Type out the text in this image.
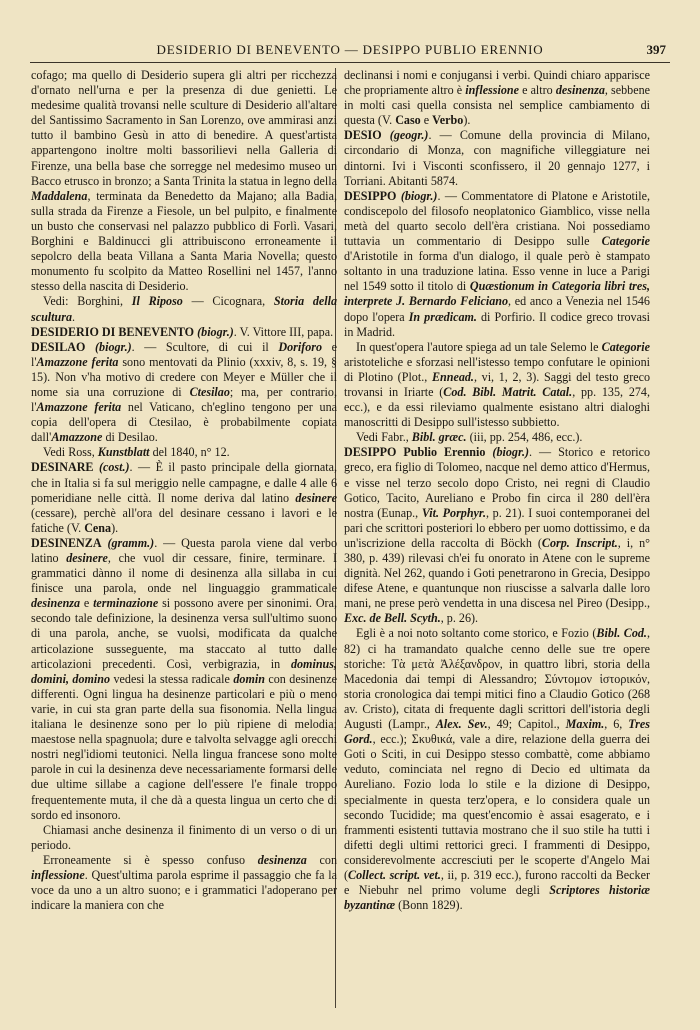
DESIDERIO DI BENEVENTO — DESIPPO PUBLIO ERENNIO	397

cofago; ma quello di Desiderio supera gli altri per ricchezza d'ornato nell'urna e per la presenza di due genietti. Le medesime qualità trovansi nelle sculture di Desiderio all'altare del Santissimo Sacramento in San Lorenzo, ove ammirasi anzi tutto il bambino Gesù in atto di benedire. A quest'artista appartengono inoltre molti bassorilievi nella Galleria di Firenze, una bella base che sorregge nel medesimo museo un Bacco etrusco in bronzo; a Santa Trinita la statua in legno della Maddalena, terminata da Benedetto da Majano; alla Badia, sulla strada da Firenze a Fiesole, un bel pulpito, e finalmente un busto che conservasi nel palazzo pubblico di Forlì. Vasari, Borghini e Baldinucci gli attribuiscono erroneamente il sepolcro della beata Villana a Santa Maria Novella; questo monumento fu scolpito da Matteo Rosellini nel 1457, l'anno stesso della nascita di Desiderio.

Vedi: Borghini, Il Riposo — Cicognara, Storia della scultura.

DESIDERIO DI BENEVENTO (biogr.). V. Vittore III, papa.

DESILAO (biogr.). — Scultore, di cui il Doriforo e l'Amazzone ferita sono mentovati da Plinio (xxxiv, 8, s. 19, § 15). Non v'ha motivo di credere con Meyer e Müller che il nome sia una corruzione di Ctesilao; ma, per contrario, l'Amazzone ferita nel Vaticano, ch'eglino tengono per una copia dell'opera di Ctesilao, è probabilmente copiata dall'Amazzone di Desilao.

Vedi Ross, Kunstblatt del 1840, n° 12.

DESINARE (cost.). — È il pasto principale della giornata, che in Italia si fa sul meriggio nelle campagne, e dalle 4 alle 6 pomeridiane nelle città. Il nome deriva dal latino desinere (cessare), perchè all'ora del desinare cessano i lavori e le fatiche (V. Cena).

DESINENZA (gramm.). — Questa parola viene dal verbo latino desinere, che vuol dir cessare, finire, terminare. I grammatici dànno il nome di desinenza alla sillaba in cui finisce una parola, onde nel linguaggio grammaticale desinenza e terminazione si possono avere per sinonimi. Ora, secondo tale definizione, la desinenza versa sull'ultimo suono di una parola, anche, se vuolsi, modificata da qualche articolazione susseguente, ma staccato al tutto dalle articolazioni precedenti. Così, verbigrazia, in dominus, domini, domino vedesi la stessa radicale domin con desinenze differenti. Ogni lingua ha desinenze particolari e più o meno varie, in cui sta gran parte della sua fisonomia. Nella lingua italiana le desinenze sono per lo più ripiene di melodia; maestose nella spagnuola; dure e talvolta selvagge agli orecchi nostri negl'idiomi teutonici. Nella lingua francese sono molte parole in cui la desinenza deve necessariamente formarsi delle due ultime sillabe a cagione dell'essere l'e finale troppo frequentemente muta, il che dà a questa lingua un certo che di sordo ed insonoro.

Chiamasi anche desinenza il finimento di un verso o di un periodo.

Erroneamente si è spesso confuso desinenza con inflessione. Quest'ultima parola esprime il passaggio che fa la voce da uno a un altro suono; e i grammatici l'adoperano per indicare la maniera con che

declinansi i nomi e conjugansi i verbi. Quindi chiaro apparisce che propriamente altro è inflessione e altro desinenza, sebbene in molti casi quella consista nel semplice cambiamento di questa (V. Caso e Verbo).

DESIO (geogr.). — Comune della provincia di Milano, circondario di Monza, con magnifiche villeggiature nei dintorni. Ivi i Visconti sconfissero, il 20 gennajo 1277, i Torriani. Abitanti 5874.

DESIPPO (biogr.). — Commentatore di Platone e Aristotile, condiscepolo del filosofo neoplatonico Giamblico, visse nella metà del quarto secolo dell'èra cristiana. Noi possediamo tuttavia un commentario di Desippo sulle Categorie d'Aristotile in forma d'un dialogo, il quale però è stampato soltanto in una traduzione latina. Esso venne in luce a Parigi nel 1549 sotto il titolo di Quæstionum in Categoria libri tres, interprete J. Bernardo Feliciano, ed anco a Venezia nel 1546 dopo l'opera In prædicam. di Porfirio. Il codice greco trovasi in Madrid.

In quest'opera l'autore spiega ad un tale Selemo le Categorie aristoteliche e sforzasi nell'istesso tempo confutare le opinioni di Plotino (Plot., Ennead., vi, 1, 2, 3). Saggi del testo greco trovansi in Iriarte (Cod. Bibl. Matrit. Catal., pp. 135, 274, ecc.), e da essi rileviamo qualmente esistano altri dialoghi manoscritti di Desippo sull'istesso subbietto.

Vedi Fabr., Bibl. græc. (iii, pp. 254, 486, ecc.).

DESIPPO Publio Erennio (biogr.). — Storico e retorico greco, era figlio di Tolomeo, nacque nel demo attico d'Hermus, e visse nel terzo secolo dopo Cristo, nei regni di Claudio Gotico, Tacito, Aureliano e Probo fin circa il 280 dell'èra nostra (Eunap., Vit. Porphyr., p. 21). I suoi contemporanei del pari che scrittori posteriori lo ebbero per uomo dottissimo, e da un'iscrizione della raccolta di Böckh (Corp. Inscript., i, n° 380, p. 439) rilevasi ch'ei fu onorato in Atene con le supreme dignità. Nel 262, quando i Goti penetrarono in Grecia, Desippo difese Atene, e quantunque non riuscisse a salvarla dalle loro mani, ne prese però vendetta in una discesa nel Pireo (Desipp., Exc. de Bell. Scyth., p. 26).

Egli è a noi noto soltanto come storico, e Fozio (Bibl. Cod., 82) ci ha tramandato qualche cenno delle sue tre opere storiche: Τὰ μετὰ Ἀλέξανδρον, in quattro libri, storia della Macedonia dai tempi di Alessandro; Σύντομον ἱστορικόν, storia cronologica dai tempi mitici fino a Claudio Gotico (268 av. Cristo), citata di frequente dagli scrittori dell'istoria degli Augusti (Lampr., Alex. Sev., 49; Capitol., Maxim., 6, Tres Gord., ecc.); Σκυθικά, vale a dire, relazione della guerra dei Goti o Sciti, in cui Desippo stesso combattè, come abbiamo veduto, cominciata nel regno di Decio ed ultimata da Aureliano. Fozio loda lo stile e la dizione di Desippo, specialmente in questa terz'opera, e lo considera quale un secondo Tucidide; ma quest'encomio è assai esagerato, e i frammenti esistenti tuttavia mostrano che il suo stile ha tutti i difetti degli ultimi rettorici greci. I frammenti di Desippo, considerevolmente accresciuti per le scoperte d'Angelo Mai (Collect. script. vet., ii, p. 319 ecc.), furono raccolti da Becker e Niebuhr nel primo volume degli Scriptores historiæ byzantinæ (Bonn 1829).
